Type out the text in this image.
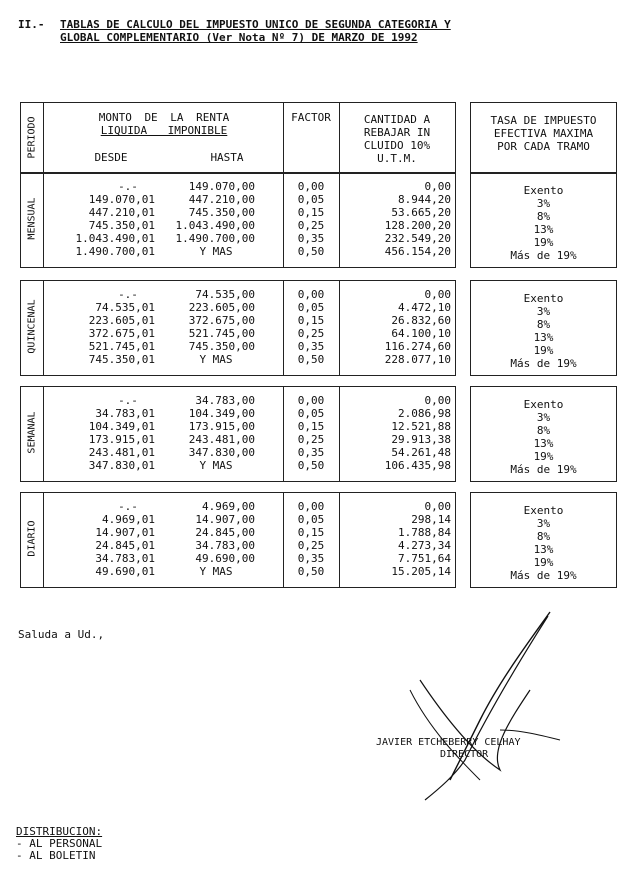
II.- TABLAS DE CALCULO DEL IMPUESTO UNICO DE SEGUNDA CATEGORIA Y
GLOBAL COMPLEMENTARIO (Ver Nota Nº 7) DE MARZO DE 1992
PERIODO	MONTO DE LA RENTA
LIQUIDA IMPONIBLE
DESDE	HASTA
FACTOR	CANTIDAD A
REBAJAR IN
CLUIDO 10%
U.T.M.
TASA DE IMPUESTO
EFECTIVA MAXIMA
POR CADA TRAMO
MENSUAL
-.-	149.070,00	0,00	0,00
149.070,01	447.210,00	0,05	8.944,20
447.210,01	745.350,00	0,15	53.665,20
745.350,01	1.043.490,00	0,25	128.200,20
1.043.490,01	1.490.700,00	0,35	232.549,20
1.490.700,01	Y MAS	0,50	456.154,20
Exento
3%
8%
13%
19%
Más de 19%
QUINCENAL
-.-	74.535,00	0,00	0,00
74.535,01	223.605,00	0,05	4.472,10
223.605,01	372.675,00	0,15	26.832,60
372.675,01	521.745,00	0,25	64.100,10
521.745,01	745.350,00	0,35	116.274,60
745.350,01	Y MAS	0,50	228.077,10
Exento
3%
8%
13%
19%
Más de 19%
SEMANAL
-.-	34.783,00	0,00	0,00
34.783,01	104.349,00	0,05	2.086,98
104.349,01	173.915,00	0,15	12.521,88
173.915,01	243.481,00	0,25	29.913,38
243.481,01	347.830,00	0,35	54.261,48
347.830,01	Y MAS	0,50	106.435,98
Exento
3%
8%
13%
19%
Más de 19%
DIARIO
-.-	4.969,00	0,00	0,00
4.969,01	14.907,00	0,05	298,14
14.907,01	24.845,00	0,15	1.788,84
24.845,01	34.783,00	0,25	4.273,34
34.783,01	49.690,00	0,35	7.751,64
49.690,01	Y MAS	0,50	15.205,14
Exento
3%
8%
13%
19%
Más de 19%
Saluda a Ud.,
JAVIER ETCHEBERRY CELHAY
DIRECTOR
DISTRIBUCION:
- AL PERSONAL
- AL BOLETIN
